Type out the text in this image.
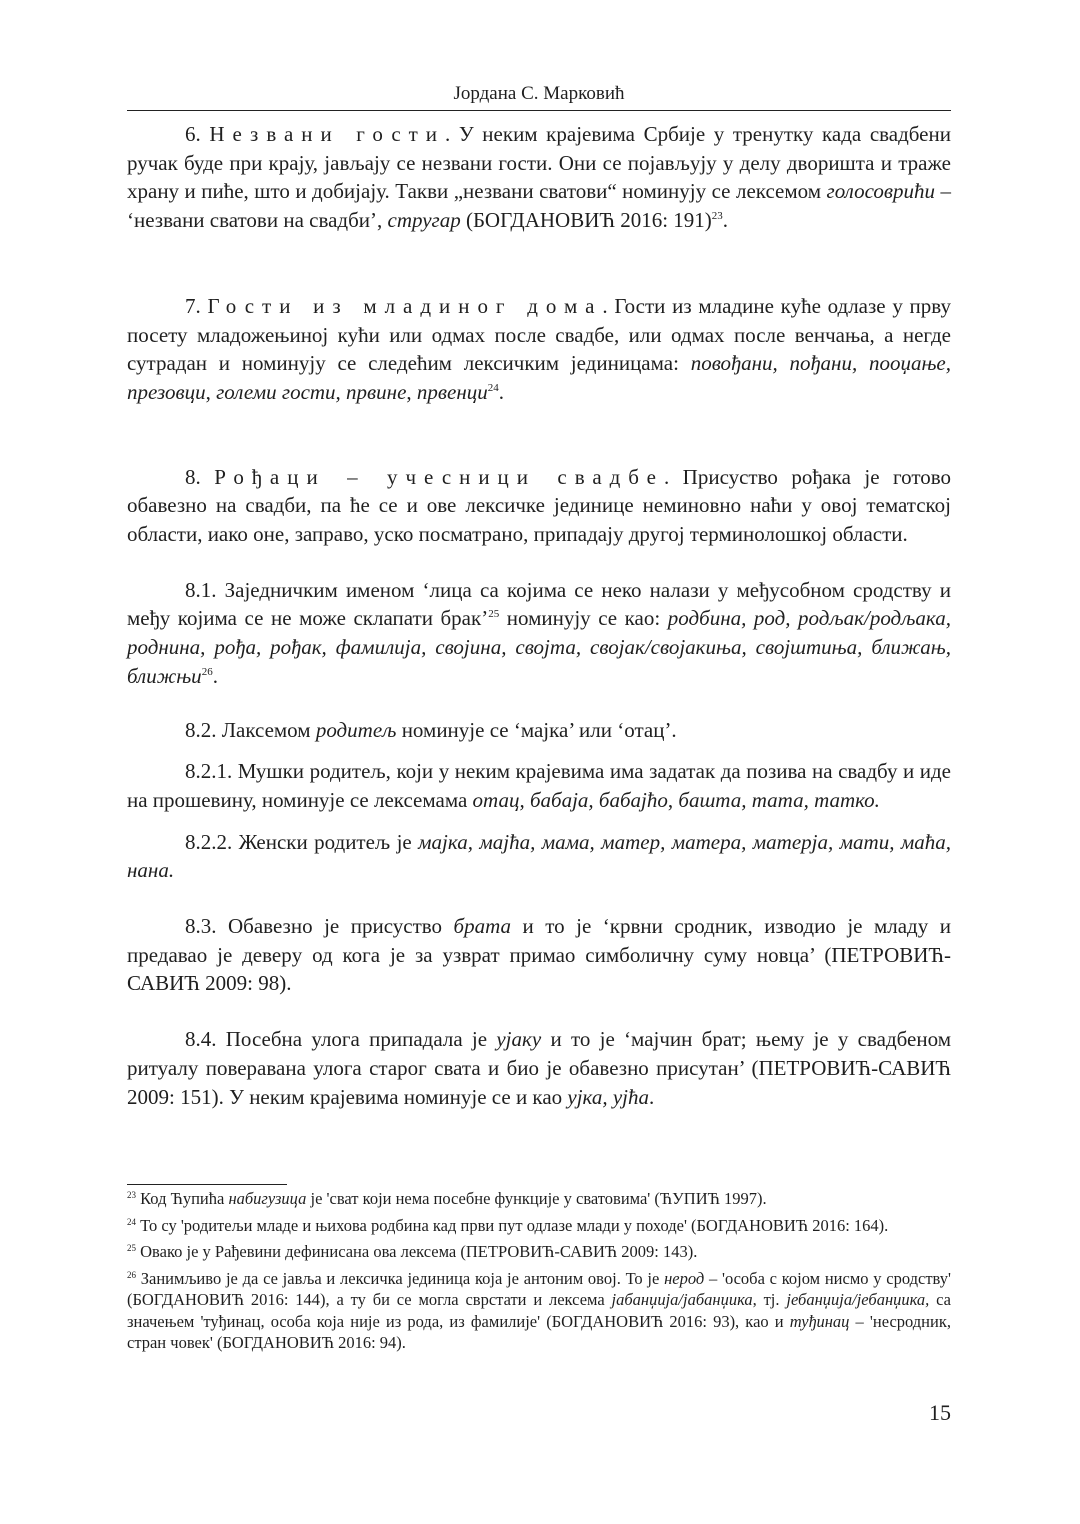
Јордана С. Марковић

6. Незвани гости. У неким крајевима Србије у тренутку када свадбени ручак буде при крају, јављају се незвани гости. Они се појављују у делу дворишта и траже храну и пиће, што и добијају. Такви „незвани сватови“ номинују се лексемом голосоврићи – ‘незвани сватови на свадби’, стругар (БОГДАНОВИЋ 2016: 191)$^{23}$.

7. Гости из младиног дома. Гости из младине куће одлазе у прву посету младожењиној кући или одмах после свадбе, или одмах после венчања, а негде сутрадан и номинују се следећим лексичким јединицама: повођани, пођани, пооџање, презовци, големи гости, првине, првенци$^{24}$.

8. Рођаци – учесници свадбе. Присуство рођака је готово обавезно на свадби, па ће се и ове лексичке јединице неминовно наћи у овој тематској области, иако оне, заправо, уско посматрано, припадају другој терминолошкој области.

8.1. Заједничким именом ‘лица са којима се неко налази у међусобном сродству и међу којима се не може склапати брак’$^{25}$ номинују се као: родбина, род, родљак/родљака, роднина, рођа, рођак, фамилија, својина, својта, својак/својакиња, својштиња, ближањ, ближњи$^{26}$.

8.2. Лаксемом родитељ номинује се ‘мајка’ или ‘отац’.

8.2.1. Мушки родитељ, који у неким крајевима има задатак да позива на свадбу и иде на прошевину, номинује се лексемама отац, бабаја, бабајћо, башта, тата, татко.

8.2.2. Женски родитељ је мајка, мајћа, мама, матер, матера, матерја, мати, маћа, нана.

8.3. Обавезно је присуство брата и то је ‘крвни сродник, изводио је младу и предавао је девеpу од кога је за узврат примао симболичну суму новца’ (ПЕТРОВИЋ-САВИЋ 2009: 98).

8.4. Посебна улога припадала је ујаку и то је ‘мајчин брат; њему је у свадбеном ритуалу поверавана улога старог свата и био је обавезно присутан’ (ПЕТРОВИЋ-САВИЋ 2009: 151). У неким крајевима номинује се и као ујка, ујћа.

$^{23}$ Код Ћупића набигузица је 'сват који нема посебне функције у сватовима' (ЋУПИЋ 1997).

$^{24}$ То су 'родитељи младе и њихова родбина кад први пут одлазе млади у походе' (БОГДАНОВИЋ 2016: 164).

$^{25}$ Овако је у Рађевини дефинисана ова лексема (ПЕТРОВИЋ-САВИЋ 2009: 143).

$^{26}$ Занимљиво је да се јавља и лексичка јединица која је антоним овој. То је нерод – 'особа с којом нисмо у сродству' (БОГДАНОВИЋ 2016: 144), а ту би се могла сврстати и лексема јабанџија/јабанџика, тј. јебанџија/јебанџика, са значењем 'туђинац, особа која није из рода, из фамилије' (БОГДАНОВИЋ 2016: 93), као и туђинац – 'несродник, стран човек' (БОГДАНОВИЋ 2016: 94).

15
